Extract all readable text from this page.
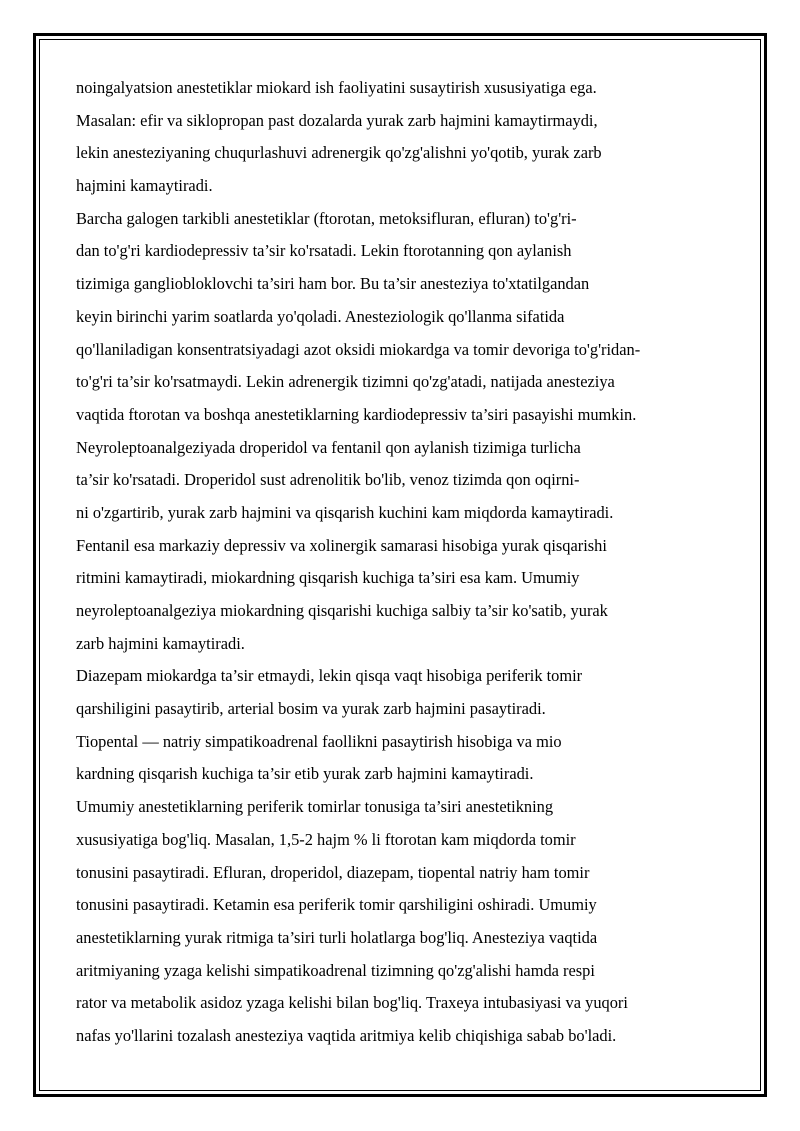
noingalyatsion anestetiklar miokard ish faoliyatini susaytirish xususiyatiga ega.
Masalan: efir va siklopropan past dozalarda yurak zarb hajmini kamaytirmaydi,
lekin anesteziyaning chuqurlashuvi adrenergik qo'zg'alishni yo'qotib, yurak zarb
hajmini kamaytiradi.
Barcha galogen tarkibli anestetiklar (ftorotan, metoksifluran, efluran) to'g'ri-
dan to'g'ri kardiodepressiv ta’sir ko'rsatadi. Lekin ftorotanning qon aylanish
tizimiga gangliobloklovchi ta’siri ham bor. Bu ta’sir anesteziya to'xtatilgandan
keyin birinchi yarim soatlarda yo'qoladi. Anesteziologik qo'llanma sifatida
qo'llaniladigan konsentratsiyadagi azot oksidi miokardga va tomir devoriga to'g'ridan-
to'g'ri ta’sir ko'rsatmaydi. Lekin adrenergik tizimni qo'zg'atadi, natijada anesteziya
vaqtida ftorotan va boshqa anestetiklarning kardiodepressiv ta’siri pasayishi mumkin.
Neyroleptoanalgeziyada droperidol va fentanil qon aylanish tizimiga turlicha
ta’sir ko'rsatadi. Droperidol sust adrenolitik bo'lib, venoz tizimda qon oqirni-
ni o'zgartirib, yurak zarb hajmini va qisqarish kuchini kam miqdorda kamaytiradi.
Fentanil esa markaziy depressiv va xolinergik samarasi hisobiga yurak qisqarishi
ritmini kamaytiradi, miokardning qisqarish kuchiga ta’siri esa kam. Umumiy
neyroleptoanalgeziya miokardning qisqarishi kuchiga salbiy ta’sir ko'satib, yurak
zarb hajmini kamaytiradi.
Diazepam miokardga ta’sir etmaydi, lekin qisqa vaqt hisobiga periferik tomir
qarshiligini pasaytirib, arterial bosim va yurak zarb hajmini pasaytiradi.
Tiopental — natriy simpatikoadrenal faollikni pasaytirish hisobiga va mio
kardning qisqarish kuchiga ta’sir etib yurak zarb hajmini kamaytiradi.
Umumiy anestetiklarning periferik tomirlar tonusiga ta’siri anestetikning
xususiyatiga bog'liq. Masalan, 1,5-2 hajm % li ftorotan kam miqdorda tomir
tonusini pasaytiradi. Efluran, droperidol, diazepam, tiopental natriy ham tomir
tonusini pasaytiradi. Ketamin esa periferik tomir qarshiligini oshiradi. Umumiy
anestetiklarning yurak ritmiga ta’siri turli holatlarga bog'liq. Anesteziya vaqtida
aritmiyaning yzaga kelishi simpatikoadrenal tizimning qo'zg'alishi hamda respi
rator va metabolik asidoz yzaga kelishi bilan bog'liq. Traxeya intubasiyasi va yuqori
nafas yo'llarini tozalash anesteziya vaqtida aritmiya kelib chiqishiga sabab bo'ladi.
